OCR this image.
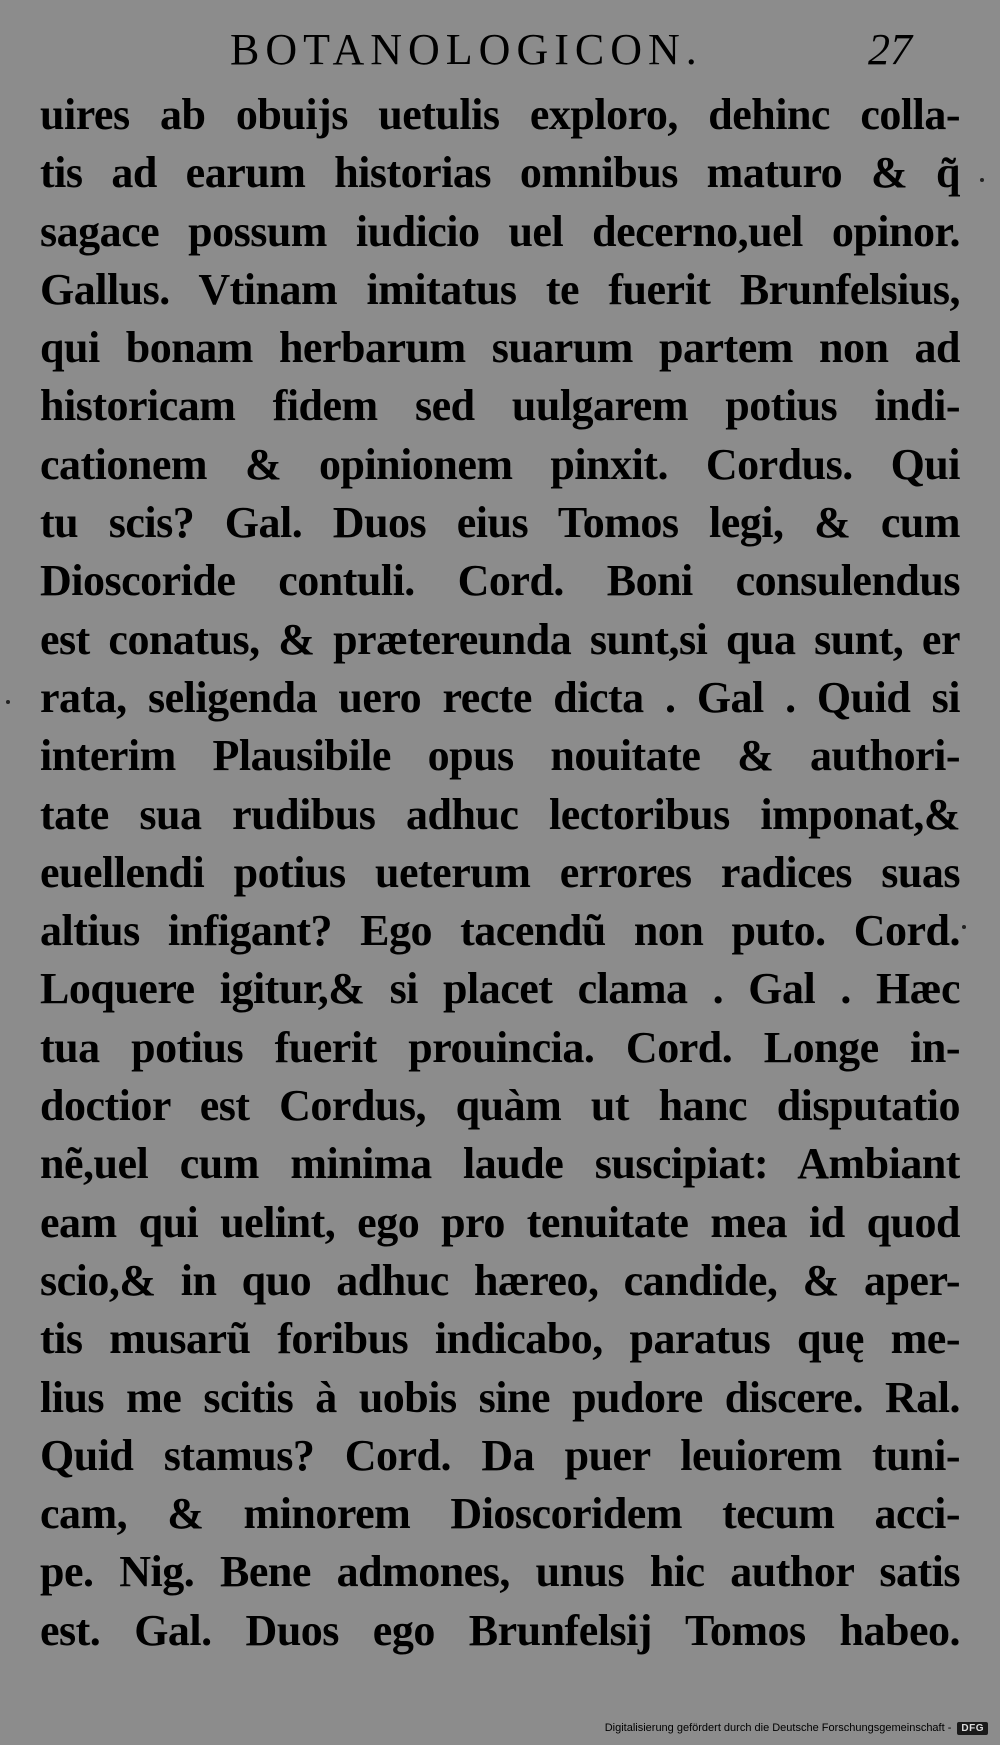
BOTANOLOGICON.	27
uires ab obuijs uetulis exploro, dehinc colla-
tis ad earum historias omnibus maturo & q̃
sagace possum iudicio uel decerno,uel opinor.
Gallus. Vtinam imitatus te fuerit Brunfelsius,
qui bonam herbarum suarum partem non ad
historicam fidem sed uulgarem potius indi-
cationem & opinionem pinxit. Cordus. Qui
tu scis? Gal. Duos eius Tomos legi, & cum
Dioscoride contuli. Cord. Boni consulendus
est conatus, & prætereunda sunt,si qua sunt, er
rata, seligenda uero recte dicta . Gal . Quid si
interim Plausibile opus nouitate & authori-
tate sua rudibus adhuc lectoribus imponat,&
euellendi potius ueterum errores radices suas
altius infigant? Ego tacendũ non puto. Cord.
Loquere igitur,& si placet clama . Gal . Hæc
tua potius fuerit prouincia. Cord. Longe in-
doctior est Cordus, quàm ut hanc disputatio
nẽ,uel cum minima laude suscipiat: Ambiant
eam qui uelint, ego pro tenuitate mea id quod
scio,& in quo adhuc hæreo, candide, & aper-
tis musarũ foribus indicabo, paratus quę me-
lius me scitis à uobis sine pudore discere. Ral.
Quid stamus? Cord. Da puer leuiorem tuni-
cam, & minorem Dioscoridem tecum acci-
pe. Nig. Bene admones, unus hic author satis
est. Gal. Duos ego Brunfelsij Tomos habeo.
Digitalisierung gefördert durch die Deutsche Forschungsgemeinschaft -	DFG
